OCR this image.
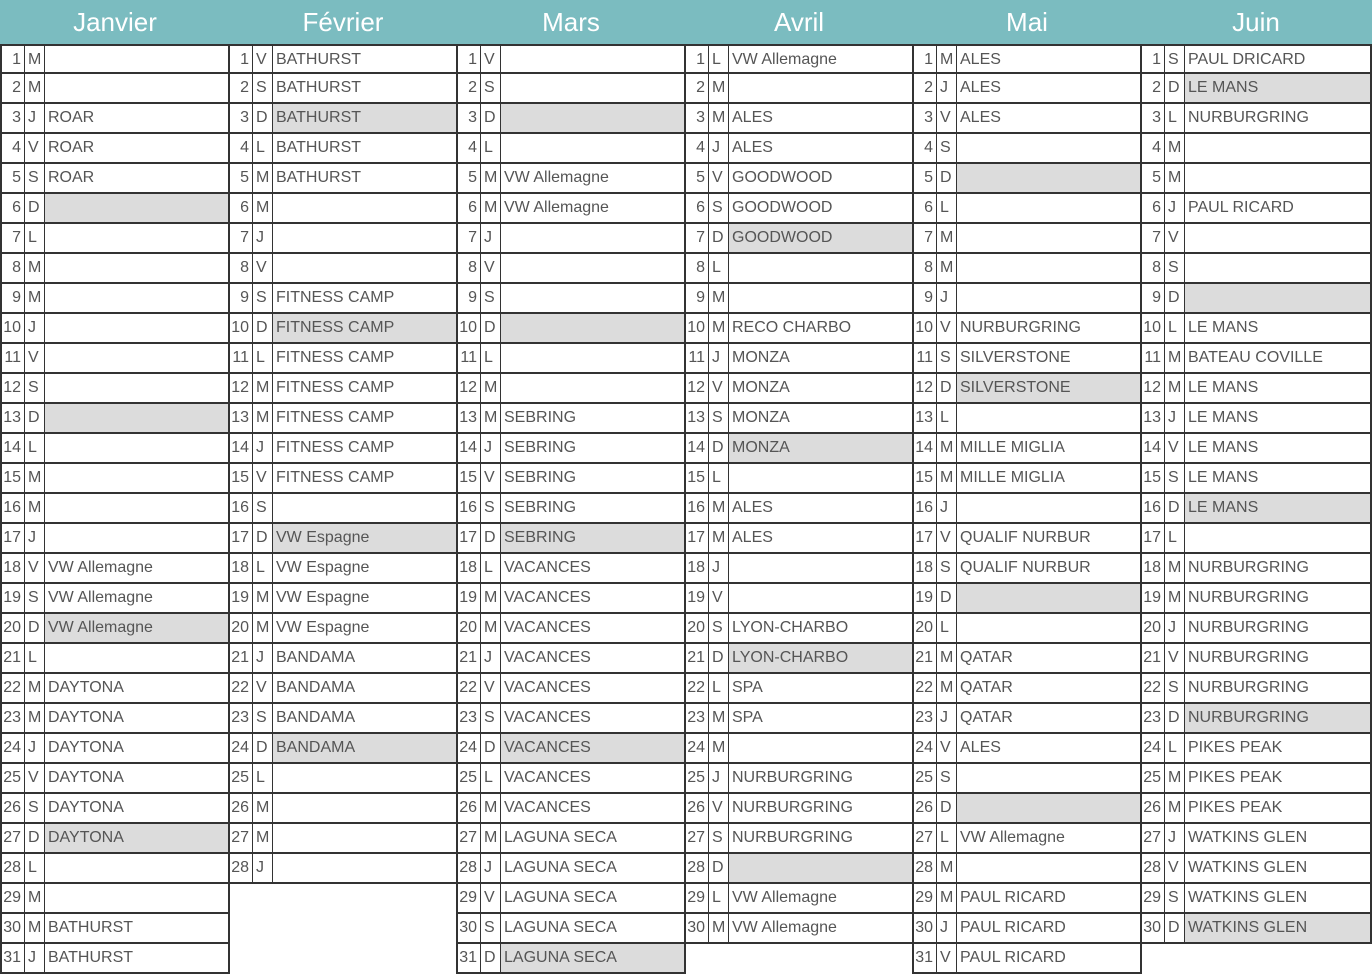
Janvier
1 M
2 M
3 J ROAR
4 V ROAR
5 S ROAR
6 D
7 L
8 M
9 M
10 J
11 V
12 S
13 D
14 L
15 M
16 M
17 J
18 V VW Allemagne
19 S VW Allemagne
20 D VW Allemagne
21 L
22 M DAYTONA
23 M DAYTONA
24 J DAYTONA
25 V DAYTONA
26 S DAYTONA
27 D DAYTONA
28 L
29 M
30 M BATHURST
31 J BATHURST
Février
1 V BATHURST
2 S BATHURST
3 D BATHURST
4 L BATHURST
5 M BATHURST
6 M
7 J
8 V
9 S FITNESS CAMP
10 D FITNESS CAMP
11 L FITNESS CAMP
12 M FITNESS CAMP
13 M FITNESS CAMP
14 J FITNESS CAMP
15 V FITNESS CAMP
16 S
17 D VW Espagne
18 L VW Espagne
19 M VW Espagne
20 M VW Espagne
21 J BANDAMA
22 V BANDAMA
23 S BANDAMA
24 D BANDAMA
25 L
26 M
27 M
28 J
Mars
1 V
2 S
3 D
4 L
5 M VW Allemagne
6 M VW Allemagne
7 J
8 V
9 S
10 D
11 L
12 M
13 M SEBRING
14 J SEBRING
15 V SEBRING
16 S SEBRING
17 D SEBRING
18 L VACANCES
19 M VACANCES
20 M VACANCES
21 J VACANCES
22 V VACANCES
23 S VACANCES
24 D VACANCES
25 L VACANCES
26 M VACANCES
27 M LAGUNA SECA
28 J LAGUNA SECA
29 V LAGUNA SECA
30 S LAGUNA SECA
31 D LAGUNA SECA
Avril
1 L VW Allemagne
2 M
3 M ALES
4 J ALES
5 V GOODWOOD
6 S GOODWOOD
7 D GOODWOOD
8 L
9 M
10 M RECO CHARBO
11 J MONZA
12 V MONZA
13 S MONZA
14 D MONZA
15 L
16 M ALES
17 M ALES
18 J
19 V
20 S LYON-CHARBO
21 D LYON-CHARBO
22 L SPA
23 M SPA
24 M
25 J NURBURGRING
26 V NURBURGRING
27 S NURBURGRING
28 D
29 L VW Allemagne
30 M VW Allemagne
Mai
1 M ALES
2 J ALES
3 V ALES
4 S
5 D
6 L
7 M
8 M
9 J
10 V NURBURGRING
11 S SILVERSTONE
12 D SILVERSTONE
13 L
14 M MILLE MIGLIA
15 M MILLE MIGLIA
16 J
17 V QUALIF NURBUR
18 S QUALIF NURBUR
19 D
20 L
21 M QATAR
22 M QATAR
23 J QATAR
24 V ALES
25 S
26 D
27 L VW Allemagne
28 M
29 M PAUL RICARD
30 J PAUL RICARD
31 V PAUL RICARD
Juin
1 S PAUL DRICARD
2 D LE MANS
3 L NURBURGRING
4 M
5 M
6 J PAUL RICARD
7 V
8 S
9 D
10 L LE MANS
11 M BATEAU COVILLE
12 M LE MANS
13 J LE MANS
14 V LE MANS
15 S LE MANS
16 D LE MANS
17 L
18 M NURBURGRING
19 M NURBURGRING
20 J NURBURGRING
21 V NURBURGRING
22 S NURBURGRING
23 D NURBURGRING
24 L PIKES PEAK
25 M PIKES PEAK
26 M PIKES PEAK
27 J WATKINS GLEN
28 V WATKINS GLEN
29 S WATKINS GLEN
30 D WATKINS GLEN
